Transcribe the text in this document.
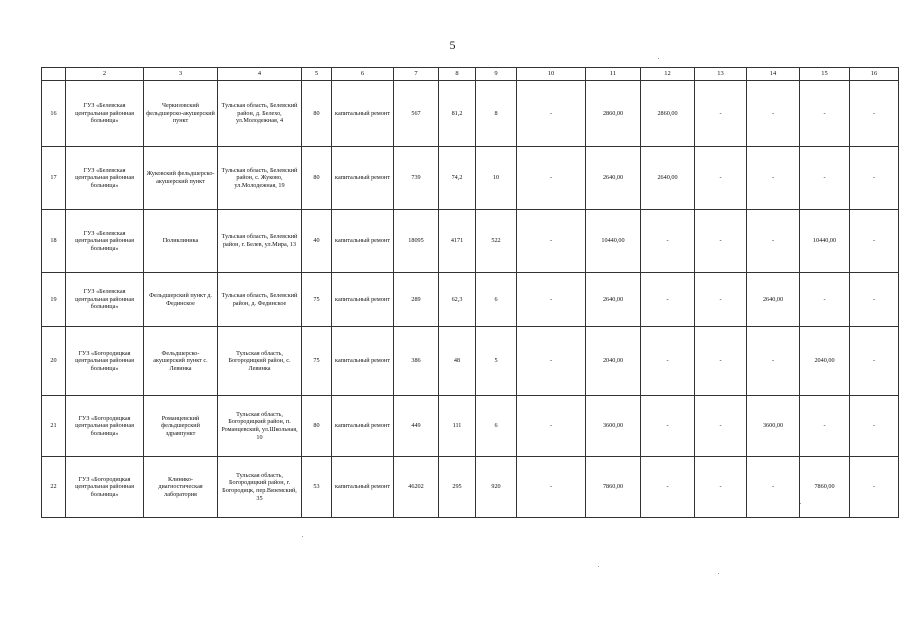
5
	2	3	4	5	6	7	8	9	10	11	12	13	14	15	16
16	ГУЗ «Белевская центральная районная больница»	Черкизовский фельдшерско-акушерский пункт	Тульская область, Белевский район, д. Белехо, ул.Молодежная, 4	80	капитальный ремонт	567	81,2	8	-	2860,00	2860,00	-	-	-	-
17	ГУЗ «Белевская центральная районная больница»	Жуковский фельдшерско-акушерский пункт	Тульская область, Белевский район, с. Жуково, ул.Молодежная, 19	80	капитальный ремонт	739	74,2	10	-	2640,00	2640,00	-	-	-	-
18	ГУЗ «Белевская центральная районная больница»	Поликлиника	Тульская область, Белевский район, г. Белев, ул.Мира, 13	40	капитальный ремонт	18095	4171	522	-	10440,00	-	-	-	10440,00	-
19	ГУЗ «Белевская центральная районная больница»	Фельдшерский пункт д. Фединское	Тульская область, Белевский район, д. Фединское	75	капитальный ремонт	289	62,3	6	-	2640,00	-	-	2640,00	-	-
20	ГУЗ «Богородицкая центральная районная больница»	Фельдшерско-акушерский пункт с. Левинка	Тульская область, Богородицкий район, с. Левинка	75	капитальный ремонт	386	48	5	-	2040,00	-	-	-	2040,00	-
21	ГУЗ «Богородицкая центральная районная больница»	Романцевский фельдшерский здравпункт	Тульская область, Богородицкий район, п. Романцевский, ул.Школьная, 10	80	капитальный ремонт	449	111	6	-	3600,00	-	-	3600,00	-	-
22	ГУЗ «Богородицкая центральная районная больница»	Клинико-диагностическая лаборатория	Тульская область, Богородицкий район, г. Богородицк, пер.Вяземский, 35	53	капитальный ремонт	46202	295	920	-	7860,00	-	-	-	7860,00	-
